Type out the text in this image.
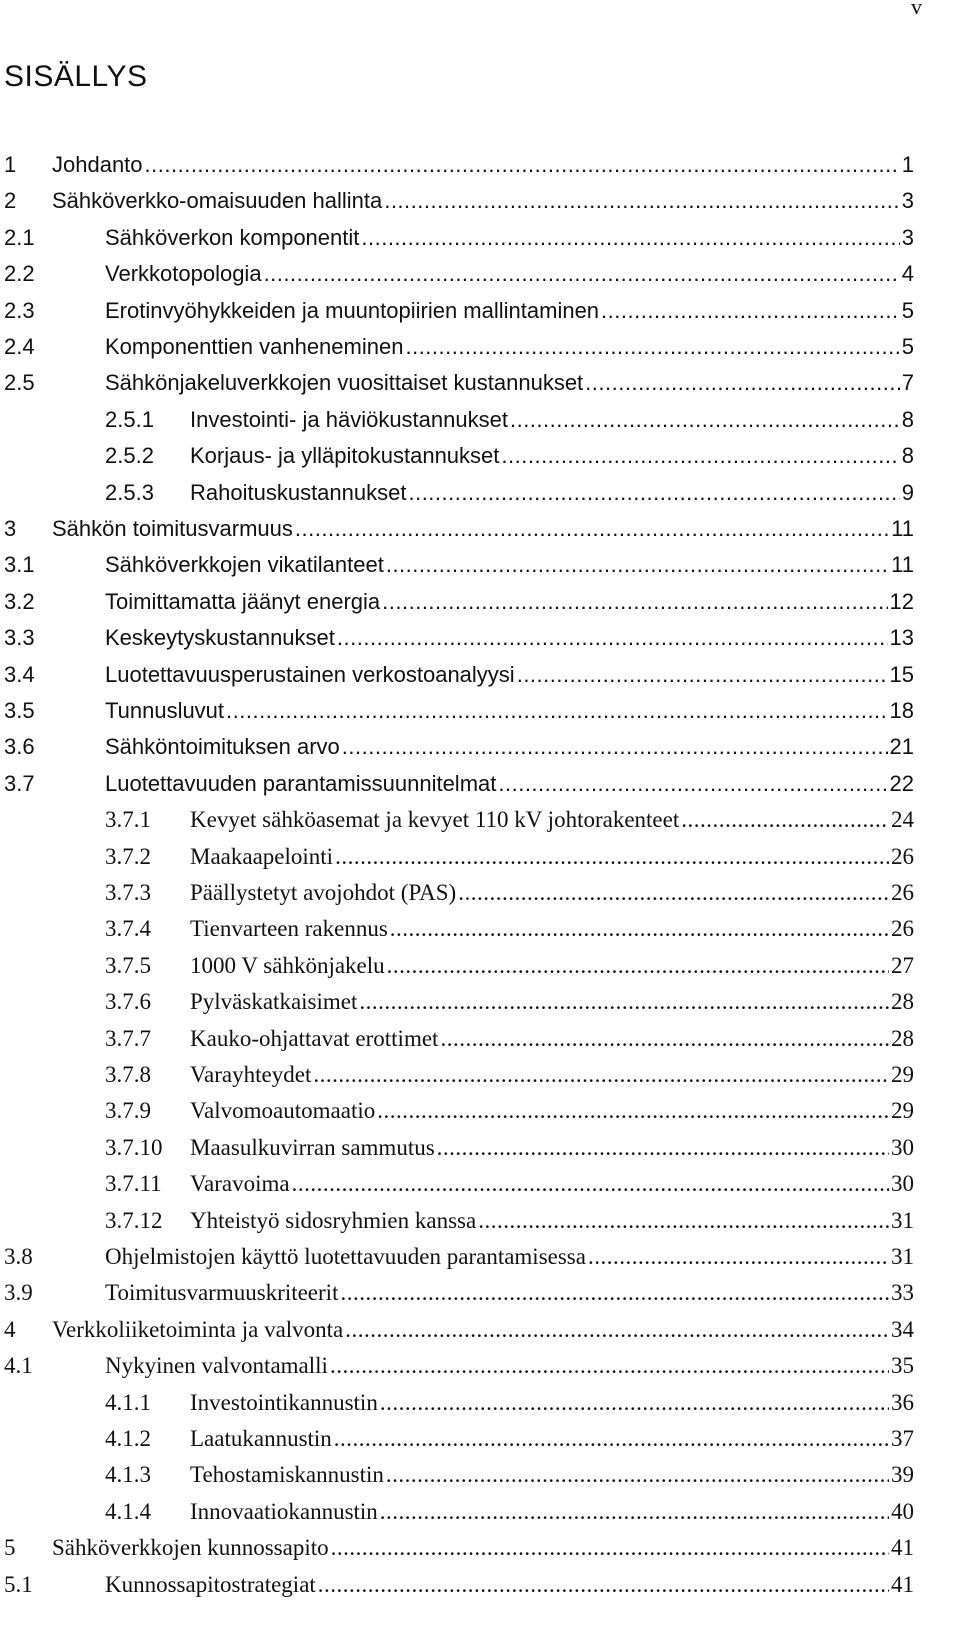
v
SISÄLLYS
1 Johdanto .....	1
2 Sähköverkko-omaisuuden hallinta .....	3
2.1	Sähköverkon komponentit .....	3
2.2	Verkkotopologia .....	4
2.3	Erotinvyöhykkeiden ja muuntopiirien mallintaminen .....	5
2.4	Komponenttien vanheneminen .....	5
2.5	Sähkönjakeluverkkojen vuosittaiset kustannukset .....	7
2.5.1 Investointi- ja häviökustannukset .....	8
2.5.2 Korjaus- ja ylläpitokustannukset .....	8
2.5.3 Rahoituskustannukset .....	9
3 Sähkön toimitusvarmuus .....	11
3.1	Sähköverkkojen vikatilanteet .....	11
3.2	Toimittamatta jäänyt energia .....	12
3.3	Keskeytyskustannukset .....	13
3.4	Luotettavuusperustainen verkostoanalyysi .....	15
3.5	Tunnusluvut .....	18
3.6	Sähköntoimituksen arvo .....	21
3.7	Luotettavuuden parantamissuunnitelmat .....	22
3.7.1 Kevyet sähköasemat ja kevyet 110 kV johtorakenteet .....	24
3.7.2 Maakaapelointi .....	26
3.7.3 Päällystetyt avojohdot (PAS) .....	26
3.7.4 Tienvarteen rakennus .....	26
3.7.5 1000 V sähkönjakelu .....	27
3.7.6 Pylväskatkaisimet .....	28
3.7.7 Kauko-ohjattavat erottimet .....	28
3.7.8 Varayhteydet .....	29
3.7.9 Valvomoautomaatio .....	29
3.7.10 Maasulkuvirran sammutus .....	30
3.7.11 Varavoima .....	30
3.7.12 Yhteistyö sidosryhmien kanssa .....	31
3.8	Ohjelmistojen käyttö luotettavuuden parantamisessa .....	31
3.9	Toimitusvarmuuskriteerit .....	33
4 Verkkoliiketoiminta ja valvonta .....	34
4.1	Nykyinen valvontamalli .....	35
4.1.1 Investointikannustin .....	36
4.1.2 Laatukannustin .....	37
4.1.3 Tehostamiskannustin .....	39
4.1.4 Innovaatiokannustin .....	40
5 Sähköverkkojen kunnossapito .....	41
5.1	Kunnossapitostrategiat .....	41
